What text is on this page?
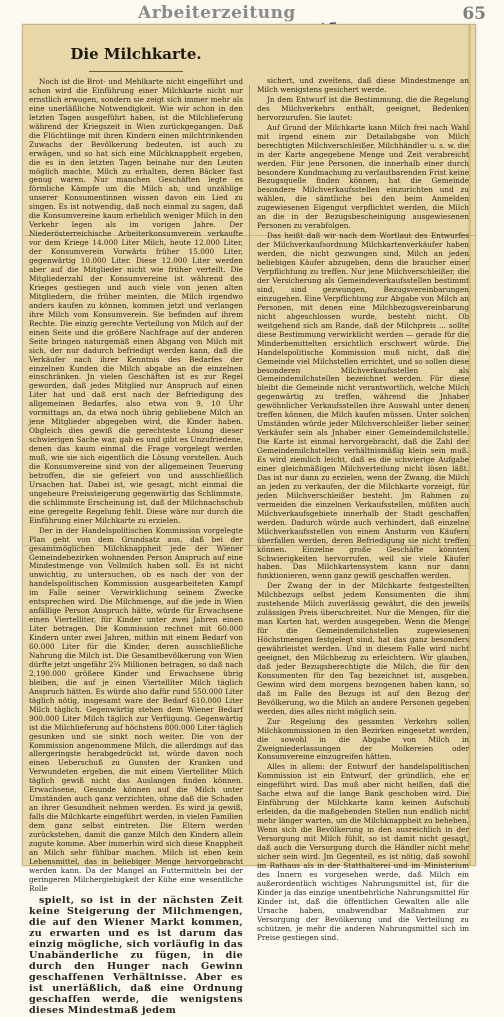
Arbeiterzeitung	65
Die Milchkarte.

Noch ist die Brot- und Mehlkarte nicht eingeführt und schon wird die Einführung einer Milchkarte nicht nur ernstlich erwogen, sondern sie zeigt sich immer mehr als eine unerläßliche Notwendigkeit. Wie wir schon in den letzten Tagen ausgeführt haben, ist die Milchlieferung während der Kriegszeit in Wien zurückgegangen. Daß die Flüchtlinge mit ihren Kindern einen milchtrinkenden Zuwachs der Bevölkerung bedeuten, ist auch zu erwägen, und so hat sich eine Milchknappheit ergeben, die es in den letzten Tagen beinahe nur den Leuten möglich machte, Milch zu erhalten, deren Bäcker fast genug waren. Nur manchen Geschäften legte es förmliche Kämpfe um die Milch ab, und unzählige unserer Konsumentinnen wissen davon ein Lied zu singen. Es ist notwendig, daß noch einmal zu sagen, daß die Konsumvereine kaum erheblich weniger Milch in den Verkehr legen als im vorigen Jahre. Der Niederösterreichische Arbeiterkonsumverein verkaufte vor dem Kriege 14.000 Liter Milch, heute 12.000 Liter, der Konsumverein Vorwärts früher 15.000 Liter, gegenwärtig 10.000 Liter. Diese 12.000 Liter werden aber auf die Mitglieder nicht wie früher verteilt. Die Mitgliederzahl der Konsumvereine ist während des Krieges gestiegen und auch viele von jenen alten Mitgliedern, die früher meinten, die Milch irgendwo anders kaufen zu können, kommen jetzt und verlangen ihre Milch vom Konsumverein. Sie befinden auf ihrem Rechte. Die einzig gerechte Verteilung von Milch auf der einen Seite und die größere Nachfrage auf der anderen Seite bringen naturgemäß einen Abgang von Milch mit sich, der nur dadurch befriedigt werden kann, daß die Verkäufer nach ihrer Kenntnis des Bedarfes der einzelnen Kunden die Milch abgabe an die einzelnen einschränken. Jn vielen Geschäften ist es zur Regel geworden, daß jedes Mitglied nur Anspruch auf einen Liter hat und daß erst nach der Befriedigung des allgemeinen Bedarfes, also etwa von 9, 10 Uhr vormittags an, da etwa noch übrig gebliebene Milch an jene Mitglieder abgegeben wird, die Kinder haben. Obgleich dies gewiß die gerechteste Lösung dieser schwierigen Sache war, gab es und gibt es Unzufriedene, denen das kaum einmal die Frage vorgelegt werden muß, wie sie sich eigentlich die Lösung vorstellen. Auch die Konsumvereine sind von der allgemeinen Teuerung betroffen, die sie gefeiert von und ausschließlich Ursachen hat. Dabei ist, wie gesagt, nicht einmal die ungeheure Preissteigerung gegenwärtig das Schlimmste, die schlimmste Erscheinung ist, daß der Milchnachschub eine geregelte Regelung fehlt. Diese wäre nur durch die Einführung einer Milchkarte zu erzielen.

Der in der Handelspolitischen Kommission vorgelegte Plan geht von dem Grundsatz aus, daß bei der gesamtmöglichen Milchknappheit jede der Wiener Gemeindebezirken wohnenden Person Anspruch auf eine Mindestmenge von Vollmilch haben soll. Es ist nicht unwichtig, zu untersuchen, ob es nach der von der handelspolitischen Kommission ausgearbeiteten Kampf im Falle seiner Verwirklichung seinem Zwecke entsprechen wird. Die Milchmenge, auf die jede in Wien anfällige Person Anspruch hätte, würde für Erwachsene einen Viertelliter, für Kinder unter zwei Jahren einen Liter betragen. Die Kommission rechnet mit 60.000 Kindern unter zwei Jahren, mithin mit einem Bedarf von 60.000 Liter für die Kinder, deren ausschließliche Nahrung die Milch ist. Die Gesamtbevölkerung von Wien dürfte jetzt ungefähr 2¼ Millionen betragen, so daß nach 2,190.000 größere Kinder und Erwachsene übrig bleiben, die auf je einen Viertelliter Milch täglich Anspruch hätten. Es würde also dafür rund 550.000 Liter täglich nötig, insgesamt ware der Bedarf 610.000 Liter Milch täglich. Gegenwärtig stehen dem Wiener Bedarf 900.000 Liter Milch täglich zur Verfügung. Gegenwärtig ist die Milchlieferung auf höchstens 800.000 Liter täglich gesunken und sie sinkt noch weiter. Die von der Kommission angenommene Milch, die allerdings auf das allergeringste herabgedrückt ist, würde davon noch einen Ueberschuß zu Gunsten der Kranken und Verwundeten ergeben, die mit einem Viertelliter Milch täglich gewiß nicht das Auslangen finden können. Erwachsene, Gesunde können auf die Milch unter Umständen auch ganz verzichten, ohne daß die Schaden an ihrer Gesundheit nehmen werden. Es wird ja gewiß, falls die Milchkarte eingeführt werden, in vielen Familien dem ganz selbst eintreten. Die Eltern werden zurückstehen, damit die ganze Milch den Kindern allein zugute komme. Aber immerhin wird sich diese Knappheit an Milch sehr fühlbar machen. Milch ist eben kein Lebensmittel, das in beliebiger Menge hervorgebracht werden kann. Da der Mangel an Futtermitteln bei der geringeren Milchergiebigkeit der Kühe eine wesentliche Rolle

spielt, so ist in der nächsten Zeit keine Steigerung der Milchmengen, die auf den Wiener Markt kommen, zu erwarten und es ist darum das einzig mögliche, sich vorläufig in das Unabänderliche zu fügen, in die durch den Hunger nach Gewinn geschaffenen Verhältnisse. Aber es ist unerläßlich, daß eine Ordnung geschaffen werde, die wenigstens dieses Mindestmaß jedem

sichert, und zweitens, daß diese Mindestmenge an Milch wenigstens gesichert werde.

Jn dem Entwurf ist die Bestimmung, die die Regelung des Milchverkehrs enthält, geeignet, Bedenken hervorzurufen. Sie lautet:

Auf Grund der Milchkarte kann Milch frei nach Wahl mit irgend einem zur Detailabgabe von Milch berechtigten Milchverschleißer, Milchhändler u. s. w. die in der Karte angegebene Menge und Zeit verabreicht werden. Für jene Personen, die innerhalb einer durch besondere Kundmachung zu verlautbarenden Frist keine Bezugsquelle finden können, hat die Gemeinde besondere Milchverkaufsstellen einzurichten und zu wählen, die sämtliche bei den beim Anmelden zugewiesenen Eigengut verpflichtet werden, die Milch an die in der Bezugsbescheinigung ausgewiesenen Personen zu verabfolgen.

Das heißt daß wir nach dem Wortlaut des Entwurfes der Milchverkaufsordnung Milchkartenverkäufer haben werden, die nicht gezwungen sind, Milch an jeden beliebigen Käufer abzugeben, denn die braucher einer Verpflichtung zu treffen. Nur jene Milchverschleißer, die der Versicherung als Gemeindeverkaufsstellen bestimmt sind, sind gezwungen, Bezugsvereinbarungen einzugehen. Eine Verpflichtung zur Abgabe von Milch an Personen, mit denen eine Milchbezugsvereinbarung nicht abgeschlossen wurde, besteht nicht. Ob weitgehend sich am Rande, daß der Milchpreis ... sollte diese Bestimmung verwirklicht werden — gerade für die Minderbemittelten ersichtlich erschwert würde. Die Handelspolitische Kommission muß nicht, daß die Gemeinde viel Milchstellen errichtet, und so sollen diese besonderen Milchverkaufsstellen als Gemeindemilchstellen bezeichnet werden. Für diese bleibt die Gemeinde nicht verantwortlich, welche Milch gegenwärtig zu treffen, während die Jnhaber gewöhnlicher Verkaufsstellen ihre Auswahl unter denen treffen können, die Milch kaufen müssen. Unter solchen Umständen würde jeder Milchverschleißer lieber seiner Verkäufer sein als Jnhaber einer Gemeindemilchstelle. Die Karte ist einmal hervorgebracht, daß die Zahl der Gemeindemilchstellen verhältnismäßig klein sein muß. Es wird ziemlich leicht, daß es die schwierige Aufgabe einer gleichmäßigen Milchverteilung nicht lösen läßt. Das ist nur dann zu erzielen, wenn der Zwang, die Milch an jeden zu verkaufen, der die Milchkarte vorzeigt, für jeden Milchverschleißer besteht. Jm Rahmen zu vermeiden die einzelnen Verkaufsstellen, müßten auch Milchverkaufsgebiete innerhalb der Stadt geschaffen werden. Dadurch würde auch verhindert, daß einzelne Milchverkaufsstellen von einem Ansturm von Käufern überfallen werden, deren Befriedigung sie nicht treffen können. Einzelne große Geschäfte könnten Schwierigkeiten hervorrufen, weil sie viele Käufer haben. Das Milchkartensystem kann nur dann funktionieren, wenn ganz gewiß geschaffen werden.

Der Zwang der in der Milchkarte festgestellten Milchbezugs selbst jedem Konsumenten die ihm zustehende Milch zuverlässig gewährt, die den jeweils zulässigen Preis überschreitet. Nur die Mengen, für die man Karten hat, werden ausgegeben. Wenn die Menge für die Gemeindemilchstellen zugewiesenen Höchstmengen festgelegt sind, hat das ganz besonders gewährleistet werden. Und in diesem Falle wird nicht geeignet, den Milchbezug zu erleichtern. Wir glauben, daß jeder Bezugsberechtigte die Milch, die für den Konsumenten für den Tag bezeichnet ist, ausgeben. Gewinn wird dem morgens bezogenen haben kann, so daß im Falle des Bezugs ist auf den Bezug der Bevölkerung, wo die Milch an andere Personen gegeben werden, dies alles nicht möglich sein.

Zur Regelung des gesamten Verkehrs sollen Milchkommissionen in den Bezirken eingesetzt werden, die sowohl in die Abgabe von Milch in Zweigniederlassungen der Molkereien oder Konsumvereine einzugreifen hätten.

Alles in allem: der Entwurf der handelspolitischen Kommission ist ein Entwurf, der gründlich, ehe er eingeführt wird. Das muß aber nicht heißen, daß die Sache etwa auf die lange Bank geschoben wird. Die Einführung der Milchkarte kann keinen Aufschub erleiden, da die maßgebenden Stellen nun endlich nicht mehr länger warten, um die Milchknappheit zu beheben. Wenn sich die Bevölkerung in den ausreichlich in der Versorgung mit Milch fühlt, so ist damit nicht gesagt, daß auch die Versorgung durch die Händler nicht mehr sicher sein wird. Jm Gegenteil, es ist nötig, daß sowohl im Rathaus als in der Statthalterei und im Ministerium des Innern es vorgesehen werde, daß Milch ein außerordentlich wichtiges Nahrungsmittel ist, für die Kinder ja das einzige unentbehrliche Nahrungsmittel für Kinder ist, daß die öffentlichen Gewalten alle alle Ursache haben, unabwendbar Maßnahmen zur Versorgung der Bevölkerung und die Verteilung zu schützen, je mehr die anderen Nahrungsmittel sich im Preise gestiegen sind.
